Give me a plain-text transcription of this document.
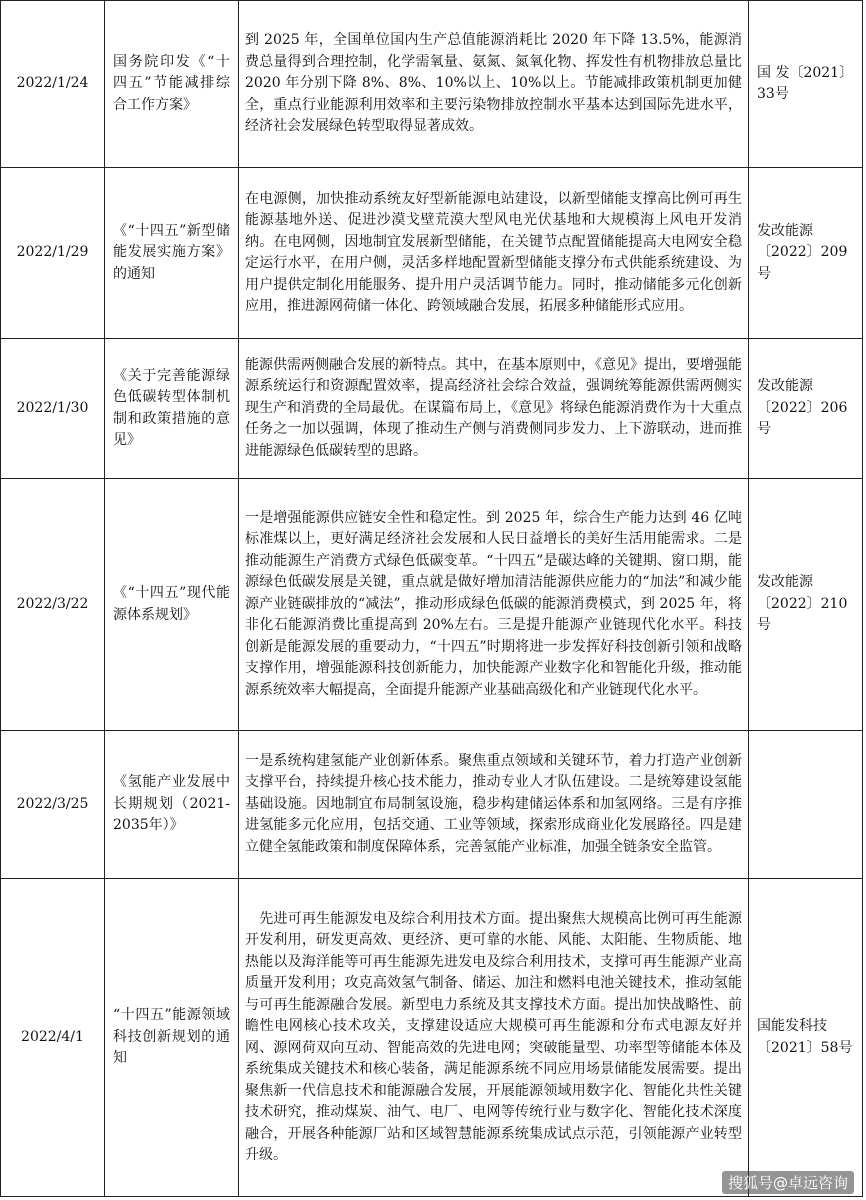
2022/1/24	国务院印发《“十四五”节能减排综合工作方案》	到 2025 年，全国单位国内生产总值能源消耗比 2020 年下降 13.5%，能源消费总量得到合理控制，化学需氧量、氨氮、氮氧化物、挥发性有机物排放总量比 2020 年分别下降 8%、8%、10%以上、10%以上。节能减排政策机制更加健全，重点行业能源利用效率和主要污染物排放控制水平基本达到国际先进水平，经济社会发展绿色转型取得显著成效。	国 发〔2021〕33号

2022/1/29	《“十四五”新型储能发展实施方案》的通知	在电源侧，加快推动系统友好型新能源电站建设，以新型储能支撑高比例可再生能源基地外送、促进沙漠戈壁荒漠大型风电光伏基地和大规模海上风电开发消纳。在电网侧，因地制宜发展新型储能，在关键节点配置储能提高大电网安全稳定运行水平，在用户侧，灵活多样地配置新型储能支撑分布式供能系统建设、为用户提供定制化用能服务、提升用户灵活调节能力。同时，推动储能多元化创新应用，推进源网荷储一体化、跨领域融合发展，拓展多种储能形式应用。	发改能源〔2022〕209号

2022/1/30	《关于完善能源绿色低碳转型体制机制和政策措施的意见》	能源供需两侧融合发展的新特点。其中，在基本原则中，《意见》提出，要增强能源系统运行和资源配置效率，提高经济社会综合效益，强调统筹能源供需两侧实现生产和消费的全局最优。在谋篇布局上，《意见》将绿色能源消费作为十大重点任务之一加以强调，体现了推动生产侧与消费侧同步发力、上下游联动，进而推进能源绿色低碳转型的思路。	发改能源〔2022〕206号

2022/3/22	《“十四五”现代能源体系规划》	一是增强能源供应链安全性和稳定性。到 2025 年，综合生产能力达到 46 亿吨标准煤以上，更好满足经济社会发展和人民日益增长的美好生活用能需求。二是推动能源生产消费方式绿色低碳变革。“十四五”是碳达峰的关键期、窗口期，能源绿色低碳发展是关键，重点就是做好增加清洁能源供应能力的“加法”和减少能源产业链碳排放的“减法”，推动形成绿色低碳的能源消费模式，到 2025 年，将非化石能源消费比重提高到 20%左右。三是提升能源产业链现代化水平。科技创新是能源发展的重要动力，“十四五”时期将进一步发挥好科技创新引领和战略支撑作用，增强能源科技创新能力，加快能源产业数字化和智能化升级，推动能源系统效率大幅提高，全面提升能源产业基础高级化和产业链现代化水平。	发改能源〔2022〕210号

2022/3/25	《氢能产业发展中长期规划（2021-2035年）》	一是系统构建氢能产业创新体系。聚焦重点领域和关键环节，着力打造产业创新支撑平台，持续提升核心技术能力，推动专业人才队伍建设。二是统筹建设氢能基础设施。因地制宜布局制氢设施，稳步构建储运体系和加氢网络。三是有序推进氢能多元化应用，包括交通、工业等领域，探索形成商业化发展路径。四是建立健全氢能政策和制度保障体系，完善氢能产业标准，加强全链条安全监管。	

2022/4/1	“十四五”能源领域科技创新规划的通知	　先进可再生能源发电及综合利用技术方面。提出聚焦大规模高比例可再生能源开发利用，研发更高效、更经济、更可靠的水能、风能、太阳能、生物质能、地热能以及海洋能等可再生能源先进发电及综合利用技术，支撑可再生能源产业高质量开发利用；攻克高效氢气制备、储运、加注和燃料电池关键技术，推动氢能与可再生能源融合发展。新型电力系统及其支撑技术方面。提出加快战略性、前瞻性电网核心技术攻关，支撑建设适应大规模可再生能源和分布式电源友好并网、源网荷双向互动、智能高效的先进电网；突破能量型、功率型等储能本体及系统集成关键技术和核心装备，满足能源系统不同应用场景储能发展需要。提出聚焦新一代信息技术和能源融合发展，开展能源领域用数字化、智能化共性关键技术研究，推动煤炭、油气、电厂、电网等传统行业与数字化、智能化技术深度融合，开展各种能源厂站和区域智慧能源系统集成试点示范，引领能源产业转型升级。	国能发科技〔2021〕58号
搜狐号@卓远咨询
